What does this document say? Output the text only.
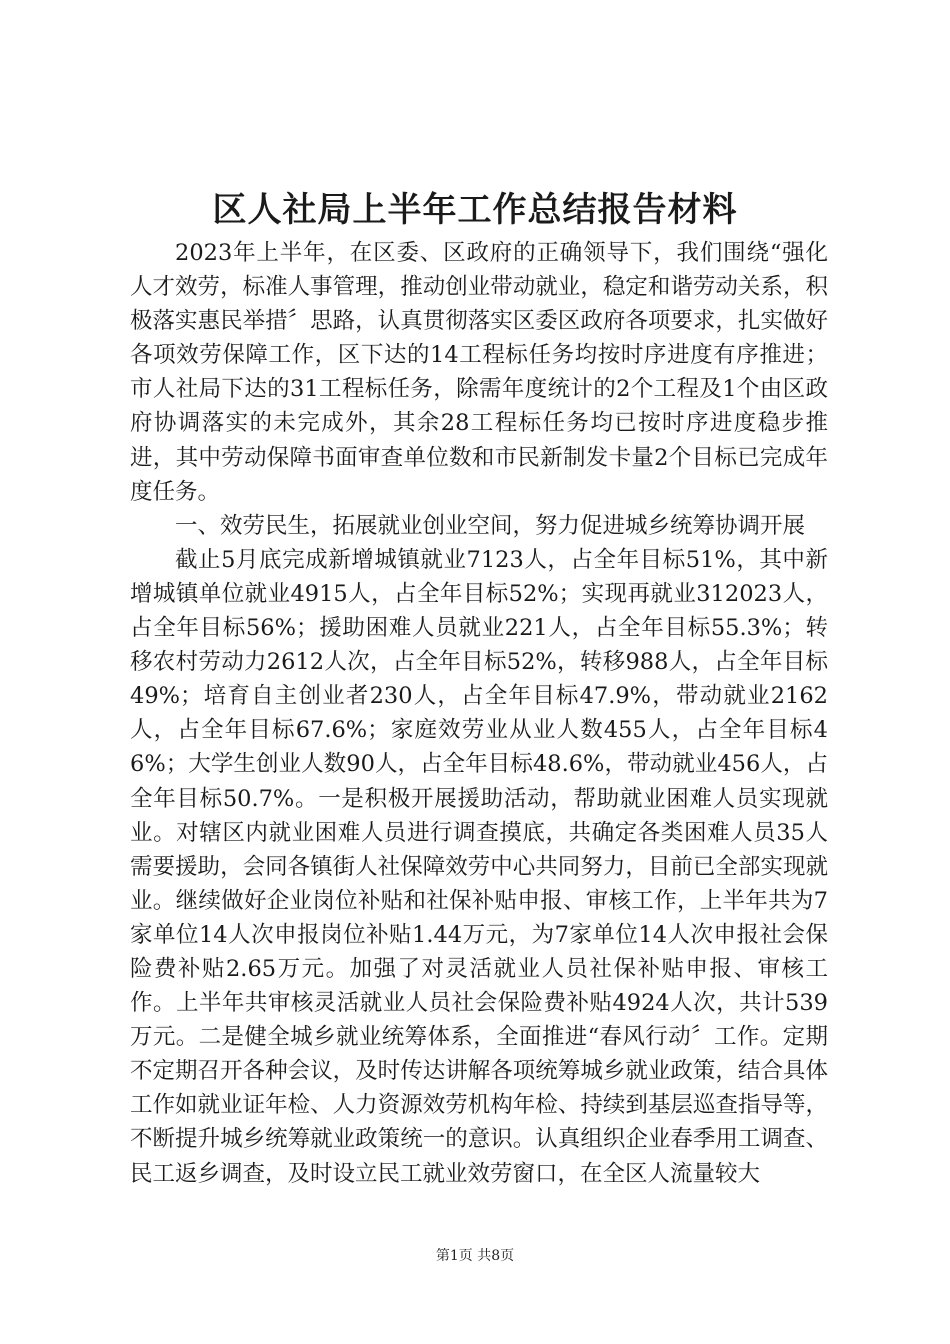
区人社局上半年工作总结报告材料

2023年上半年，在区委、区政府的正确领导下，我们围绕“强化人才效劳，标准人事管理，推动创业带动就业，稳定和谐劳动关系，积极落实惠民举措〞思路，认真贯彻落实区委区政府各项要求，扎实做好各项效劳保障工作，区下达的14工程标任务均按时序进度有序推进；市人社局下达的31工程标任务，除需年度统计的2个工程及1个由区政府协调落实的未完成外，其余28工程标任务均已按时序进度稳步推进，其中劳动保障书面审查单位数和市民新制发卡量2个目标已完成年度任务。

一、效劳民生，拓展就业创业空间，努力促进城乡统筹协调开展

截止5月底完成新增城镇就业7123人，占全年目标51%，其中新增城镇单位就业4915人，占全年目标52%；实现再就业312023人，占全年目标56%；援助困难人员就业221人，占全年目标55.3%；转移农村劳动力2612人次，占全年目标52%，转移988人，占全年目标49%；培育自主创业者230人，占全年目标47.9%，带动就业2162人，占全年目标67.6%；家庭效劳业从业人数455人，占全年目标46%；大学生创业人数90人，占全年目标48.6%，带动就业456人，占全年目标50.7%。一是积极开展援助活动，帮助就业困难人员实现就业。对辖区内就业困难人员进行调查摸底，共确定各类困难人员35人需要援助，会同各镇街人社保障效劳中心共同努力，目前已全部实现就业。继续做好企业岗位补贴和社保补贴申报、审核工作，上半年共为7家单位14人次申报岗位补贴1.44万元，为7家单位14人次申报社会保险费补贴2.65万元。加强了对灵活就业人员社保补贴申报、审核工作。上半年共审核灵活就业人员社会保险费补贴4924人次，共计539万元。二是健全城乡就业统筹体系，全面推进“春风行动〞工作。定期不定期召开各种会议，及时传达讲解各项统筹城乡就业政策，结合具体工作如就业证年检、人力资源效劳机构年检、持续到基层巡查指导等，不断提升城乡统筹就业政策统一的意识。认真组织企业春季用工调查、民工返乡调查，及时设立民工就业效劳窗口，在全区人流量较大

第1页 共8页
